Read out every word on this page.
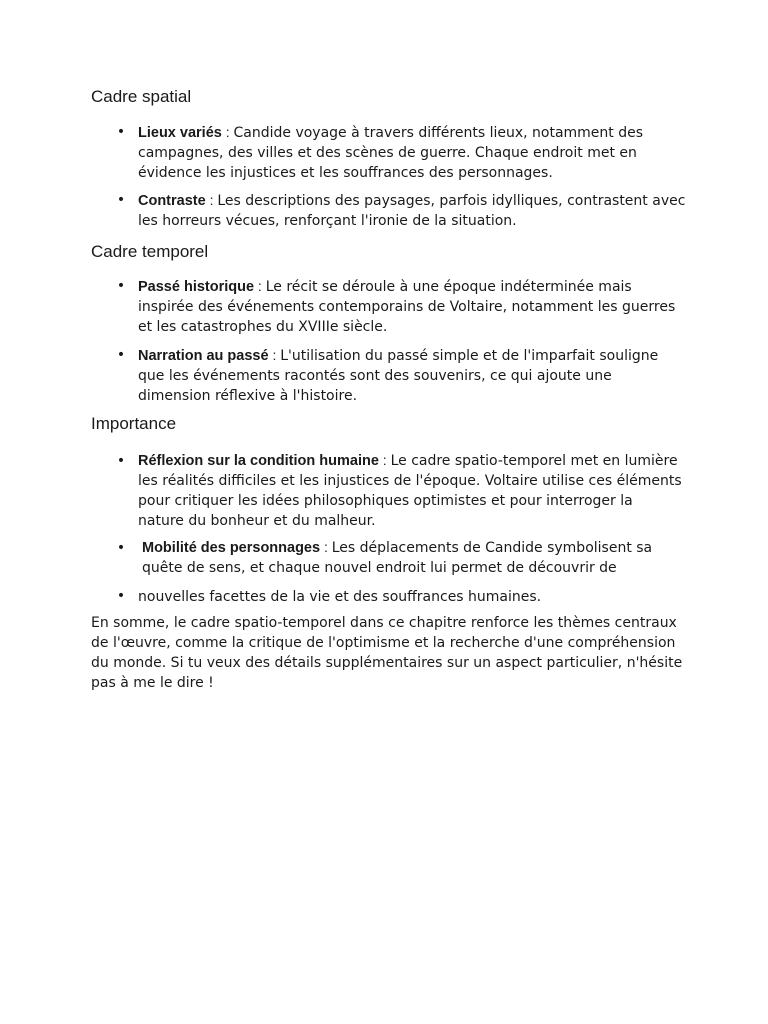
Cadre spatial
• Lieux variés : Candide voyage à travers différents lieux, notamment des campagnes, des villes et des scènes de guerre. Chaque endroit met en évidence les injustices et les souffrances des personnages.

• Contraste : Les descriptions des paysages, parfois idylliques, contrastent avec les horreurs vécues, renforçant l'ironie de la situation.

Cadre temporel
• Passé historique : Le récit se déroule à une époque indéterminée mais inspirée des événements contemporains de Voltaire, notamment les guerres et les catastrophes du XVIIIe siècle.

• Narration au passé : L'utilisation du passé simple et de l'imparfait souligne que les événements racontés sont des souvenirs, ce qui ajoute une dimension réflexive à l'histoire.

Importance
• Réflexion sur la condition humaine : Le cadre spatio-temporel met en lumière les réalités difficiles et les injustices de l'époque. Voltaire utilise ces éléments pour critiquer les idées philosophiques optimistes et pour interroger la nature du bonheur et du malheur.

• Mobilité des personnages : Les déplacements de Candide symbolisent sa quête de sens, et chaque nouvel endroit lui permet de découvrir de

• nouvelles facettes de la vie et des souffrances humaines.

En somme, le cadre spatio-temporel dans ce chapitre renforce les thèmes centraux de l'œuvre, comme la critique de l'optimisme et la recherche d'une compréhension du monde. Si tu veux des détails supplémentaires sur un aspect particulier, n'hésite pas à me le dire !
